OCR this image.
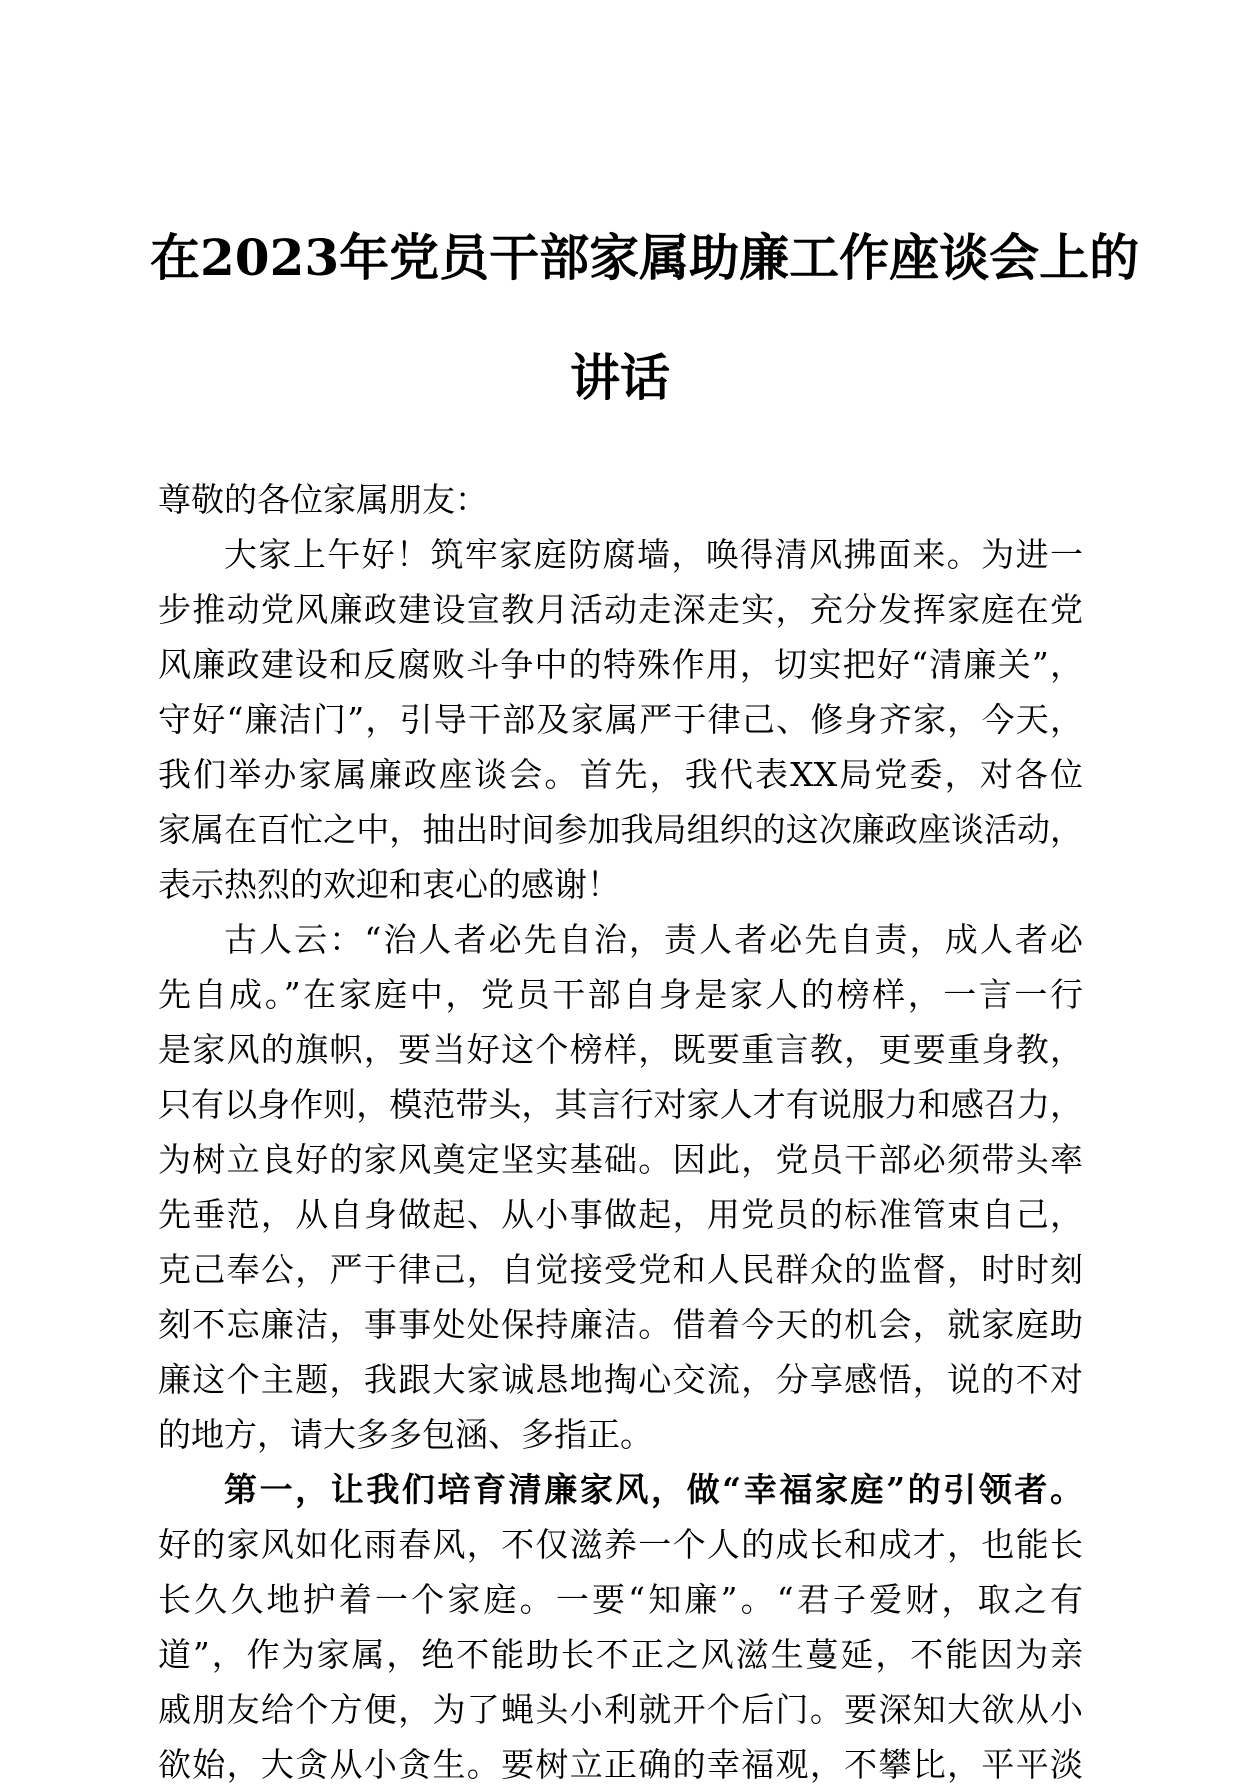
在2023年党员干部家属助廉工作座谈会上的
讲话
尊敬的各位家属朋友：
大家上午好！筑牢家庭防腐墙，唤得清风拂面来。为进一
步推动党风廉政建设宣教月活动走深走实，充分发挥家庭在党
风廉政建设和反腐败斗争中的特殊作用，切实把好“清廉关”，
守好“廉洁门”，引导干部及家属严于律己、修身齐家，今天，
我们举办家属廉政座谈会。首先，我代表XX局党委，对各位
家属在百忙之中，抽出时间参加我局组织的这次廉政座谈活动，
表示热烈的欢迎和衷心的感谢！
古人云：“治人者必先自治，责人者必先自责，成人者必
先自成。”在家庭中，党员干部自身是家人的榜样，一言一行
是家风的旗帜，要当好这个榜样，既要重言教，更要重身教，
只有以身作则，模范带头，其言行对家人才有说服力和感召力，
为树立良好的家风奠定坚实基础。因此，党员干部必须带头率
先垂范，从自身做起、从小事做起，用党员的标准管束自己，
克己奉公，严于律己，自觉接受党和人民群众的监督，时时刻
刻不忘廉洁，事事处处保持廉洁。借着今天的机会，就家庭助
廉这个主题，我跟大家诚恳地掏心交流，分享感悟，说的不对
的地方，请大多多包涵、多指正。
第一，让我们培育清廉家风，做“幸福家庭”的引领者。
好的家风如化雨春风，不仅滋养一个人的成长和成才，也能长
长久久地护着一个家庭。一要“知廉”。“君子爱财，取之有
道”，作为家属，绝不能助长不正之风滋生蔓延，不能因为亲
戚朋友给个方便，为了蝇头小利就开个后门。要深知大欲从小
欲始，大贪从小贪生。要树立正确的幸福观，不攀比，平平淡
